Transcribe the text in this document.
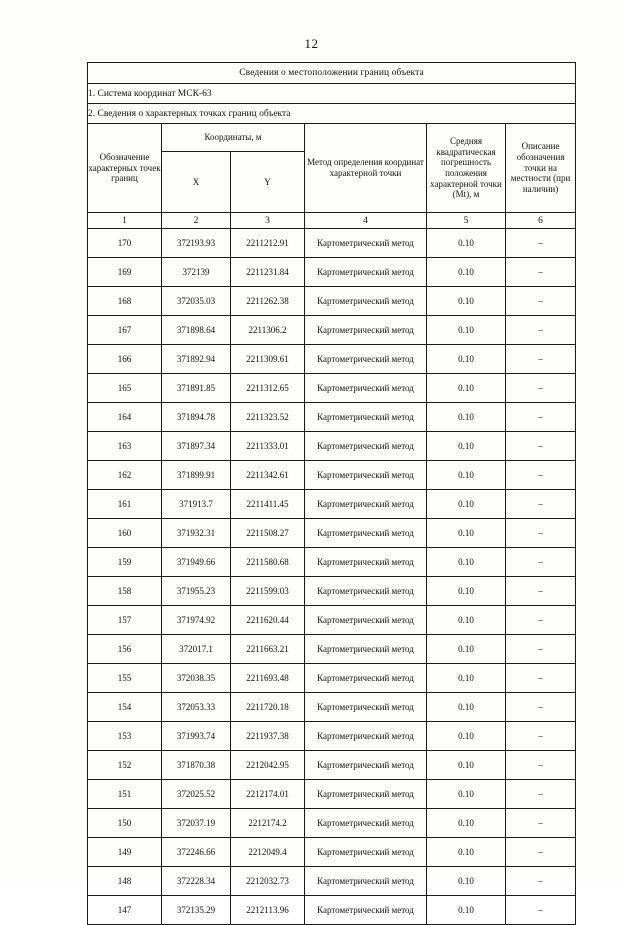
12
Сведения о местоположении границ объекта					
1. Система координат МСК-63					
2. Сведения о характерных точках границ объекта					
Обозначение характерных точек границ	Координаты, м		Метод определения координат характерной точки	Средняя квадратическая погрешность положения характерной точки (Мt), м	Описание обозначения точки на местности (при наличии)
	X	Y			
1	2	3	4	5	6
170	372193.93	2211212.91	Картометрический метод	0.10	–
169	372139	2211231.84	Картометрический метод	0.10	–
168	372035.03	2211262.38	Картометрический метод	0.10	–
167	371898.64	2211306.2	Картометрический метод	0.10	–
166	371892.94	2211309.61	Картометрический метод	0.10	–
165	371891.85	2211312.65	Картометрический метод	0.10	–
164	371894.78	2211323.52	Картометрический метод	0.10	–
163	371897.34	2211333.01	Картометрический метод	0.10	–
162	371899.91	2211342.61	Картометрический метод	0.10	–
161	371913.7	2211411.45	Картометрический метод	0.10	–
160	371932.31	2211508.27	Картометрический метод	0.10	–
159	371949.66	2211580.68	Картометрический метод	0.10	–
158	371955.23	2211599.03	Картометрический метод	0.10	–
157	371974.92	2211620.44	Картометрический метод	0.10	–
156	372017.1	2211663.21	Картометрический метод	0.10	–
155	372038.35	2211693.48	Картометрический метод	0.10	–
154	372053.33	2211720.18	Картометрический метод	0.10	–
153	371993.74	2211937.38	Картометрический метод	0.10	–
152	371870.38	2212042.95	Картометрический метод	0.10	–
151	372025.52	2212174.01	Картометрический метод	0.10	–
150	372037.19	2212174.2	Картометрический метод	0.10	–
149	372246.66	2212049.4	Картометрический метод	0.10	–
148	372228.34	2212032.73	Картометрический метод	0.10	–
147	372135.29	2212113.96	Картометрический метод	0.10	–
